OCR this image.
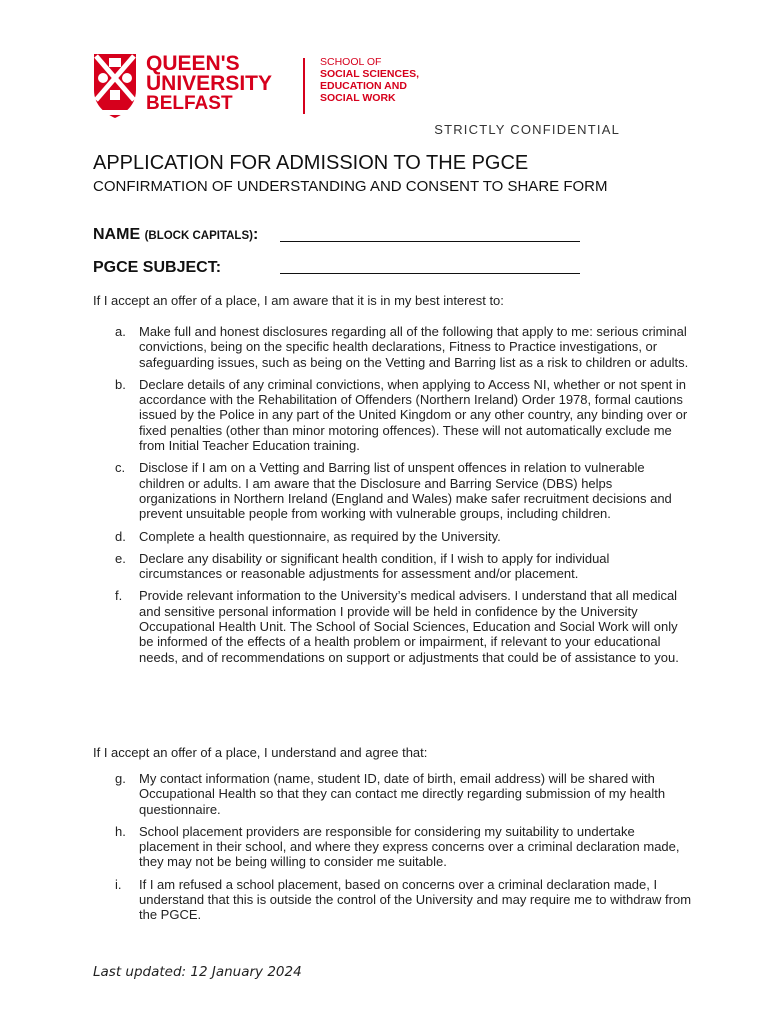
QUEEN'S
UNIVERSITY
BELFAST
SCHOOL OF
SOCIAL SCIENCES,
EDUCATION AND
SOCIAL WORK
STRICTLY CONFIDENTIAL
APPLICATION FOR ADMISSION TO THE PGCE
CONFIRMATION OF UNDERSTANDING AND CONSENT TO SHARE FORM
NAME (BLOCK CAPITALS):
PGCE SUBJECT:
If I accept an offer of a place, I am aware that it is in my best interest to:
a.	Make full and honest disclosures regarding all of the following that apply to me: serious criminal convictions, being on the specific health declarations, Fitness to Practice investigations, or safeguarding issues, such as being on the Vetting and Barring list as a risk to children or adults.
b.	Declare details of any criminal convictions, when applying to Access NI, whether or not spent in accordance with the Rehabilitation of Offenders (Northern Ireland) Order 1978, formal cautions issued by the Police in any part of the United Kingdom or any other country, any binding over or fixed penalties (other than minor motoring offences). These will not automatically exclude me from Initial Teacher Education training.
c.	Disclose if I am on a Vetting and Barring list of unspent offences in relation to vulnerable children or adults. I am aware that the Disclosure and Barring Service (DBS) helps organizations in Northern Ireland (England and Wales) make safer recruitment decisions and prevent unsuitable people from working with vulnerable groups, including children.
d.	Complete a health questionnaire, as required by the University.
e.	Declare any disability or significant health condition, if I wish to apply for individual circumstances or reasonable adjustments for assessment and/or placement.
f.	Provide relevant information to the University’s medical advisers. I understand that all medical and sensitive personal information I provide will be held in confidence by the University Occupational Health Unit. The School of Social Sciences, Education and Social Work will only be informed of the effects of a health problem or impairment, if relevant to your educational needs, and of recommendations on support or adjustments that could be of assistance to you.
If I accept an offer of a place, I understand and agree that:
g.	My contact information (name, student ID, date of birth, email address) will be shared with Occupational Health so that they can contact me directly regarding submission of my health questionnaire.
h.	School placement providers are responsible for considering my suitability to undertake placement in their school, and where they express concerns over a criminal declaration made, they may not be being willing to consider me suitable.
i.	If I am refused a school placement, based on concerns over a criminal declaration made, I understand that this is outside the control of the University and may require me to withdraw from the PGCE.
Last updated: 12 January 2024
